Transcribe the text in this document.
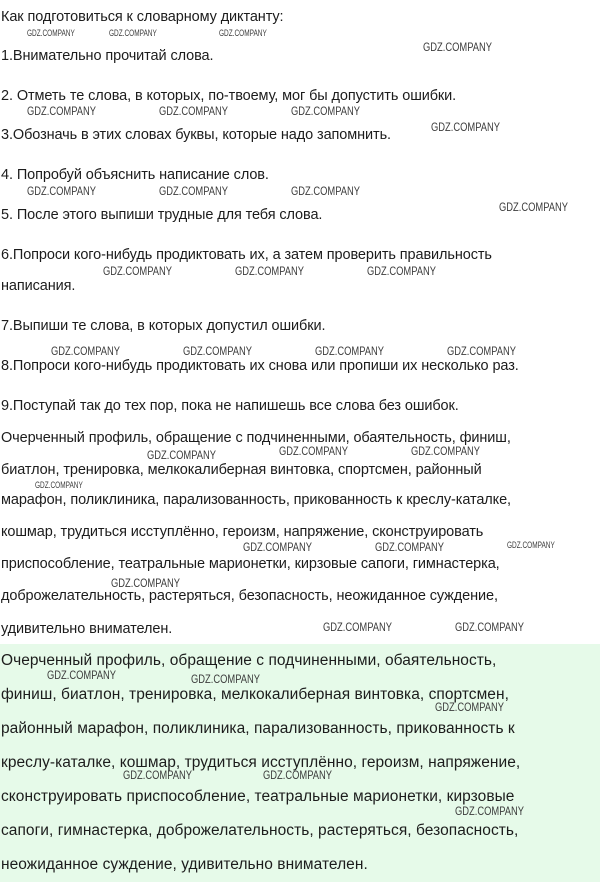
Как подготовиться к словарному диктанту:
1.Внимательно прочитай слова.
2. Отметь те слова, в которых, по-твоему, мог бы допустить ошибки.
3.Обозначь в этих словах буквы, которые надо запомнить.
4. Попробуй объяснить написание слов.
5. После этого выпиши трудные для тебя слова.
6.Попроси кого-нибудь продиктовать их, а затем проверить правильность
написания.
7.Выпиши те слова, в которых допустил ошибки.
8.Попроси кого-нибудь продиктовать их снова или пропиши их несколько раз.
9.Поступай так до тех пор, пока не напишешь все слова без ошибок.
Очерченный профиль, обращение с подчиненными, обаятельность, финиш,
биатлон, тренировка, мелкокалиберная винтовка, спортсмен, районный
марафон, поликлиника, парализованность, прикованность к креслу-каталке,
кошмар, трудиться исступлённо, героизм, напряжение, сконструировать
приспособление, театральные марионетки, кирзовые сапоги, гимнастерка,
доброжелательность, растеряться, безопасность, неожиданное суждение,
удивительно внимателен.
Очерченный профиль, обращение с подчиненными, обаятельность,
финиш, биатлон, тренировка, мелкокалиберная винтовка, спортсмен,
районный марафон, поликлиника, парализованность, прикованность к
креслу-каталке, кошмар, трудиться исступлённо, героизм, напряжение,
сконструировать приспособление, театральные марионетки, кирзовые
сапоги, гимнастерка, доброжелательность, растеряться, безопасность,
неожиданное суждение, удивительно внимателен.
GDZ.COMPANY	GDZ.COMPANY	GDZ.COMPANY
GDZ.COMPANY
GDZ.COMPANY	GDZ.COMPANY	GDZ.COMPANY
GDZ.COMPANY
GDZ.COMPANY	GDZ.COMPANY	GDZ.COMPANY
GDZ.COMPANY
GDZ.COMPANY	GDZ.COMPANY	GDZ.COMPANY
GDZ.COMPANY	GDZ.COMPANY	GDZ.COMPANY	GDZ.COMPANY
GDZ.COMPANY	GDZ.COMPANY	GDZ.COMPANY
GDZ.COMPANY
GDZ.COMPANY	GDZ.COMPANY	GDZ.COMPANY
GDZ.COMPANY
GDZ.COMPANY	GDZ.COMPANY
GDZ.COMPANY	GDZ.COMPANY
GDZ.COMPANY
GDZ.COMPANY	GDZ.COMPANY
GDZ.COMPANY
